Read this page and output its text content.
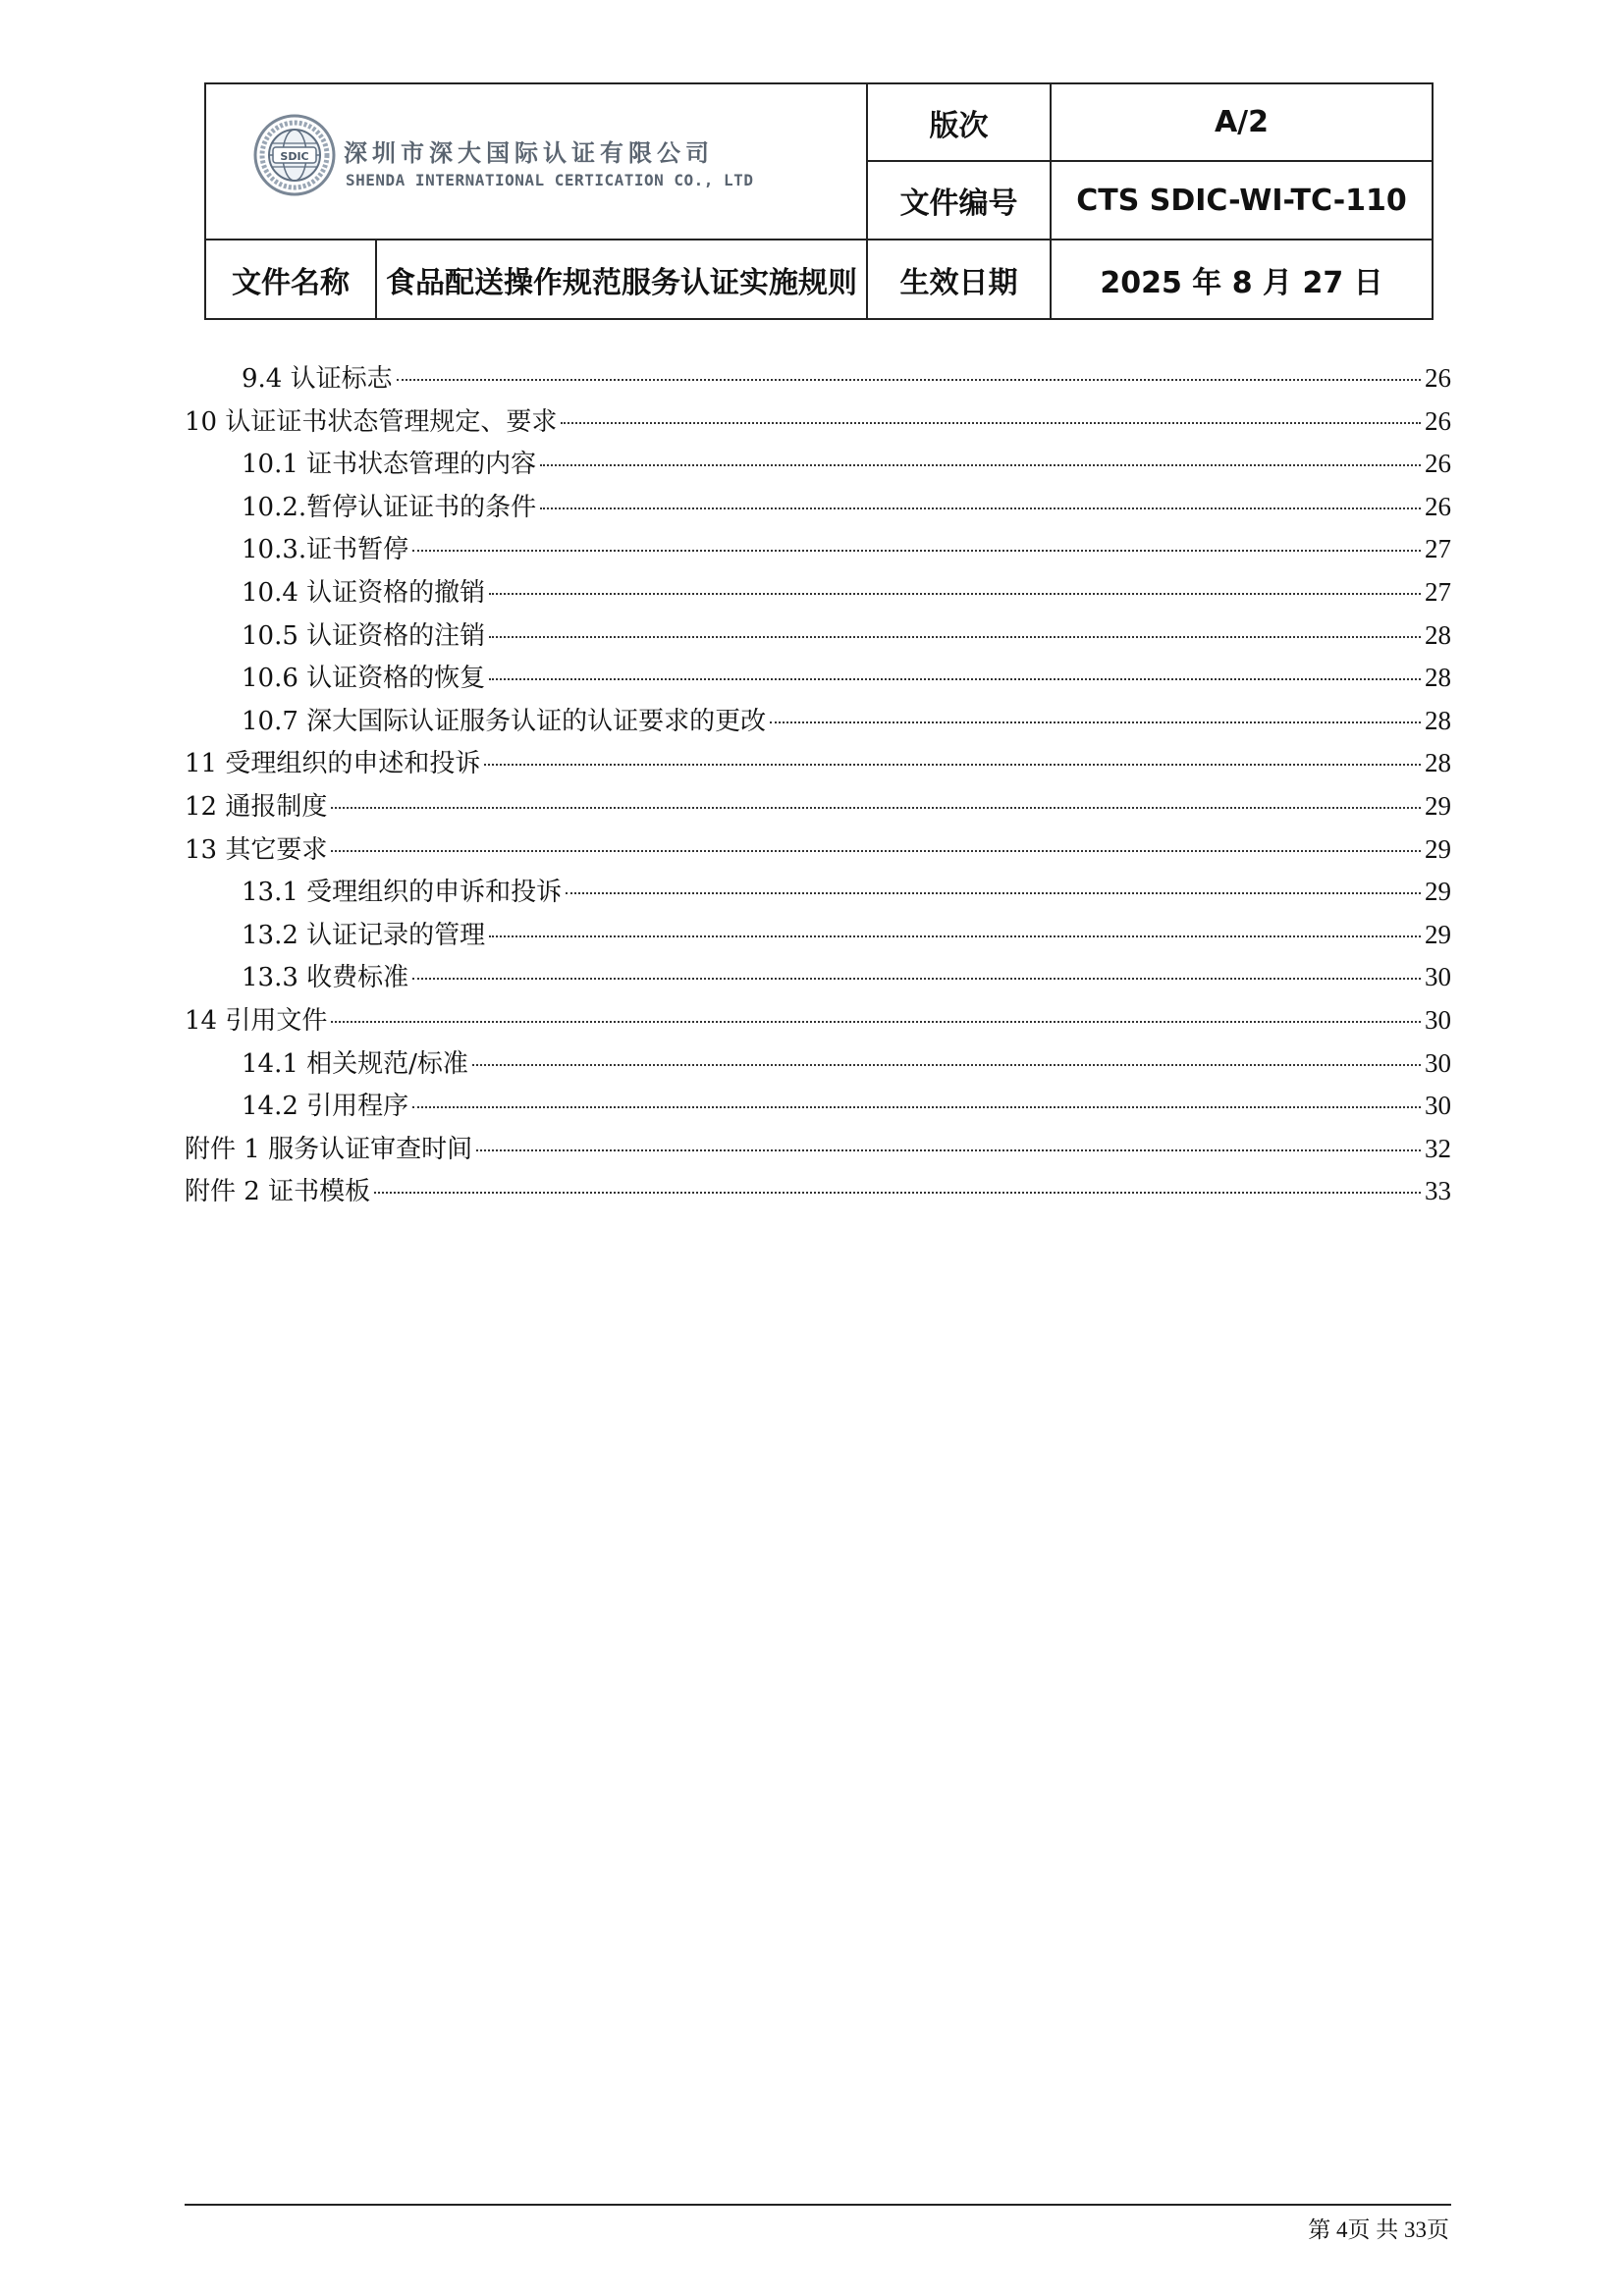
SDIC 深圳市深大国际认证有限公司
SHENDA INTERNATIONAL CERTICATION CO., LTD		版次	A/2
		文件编号	CTS SDIC-WI-TC-110
文件名称	食品配送操作规范服务认证实施规则	生效日期	2025 年 8 月 27 日
9.4 认证标志	26
10 认证证书状态管理规定、要求	26
10.1 证书状态管理的内容	26
10.2.暂停认证证书的条件	26
10.3.证书暂停	27
10.4 认证资格的撤销	27
10.5 认证资格的注销	28
10.6 认证资格的恢复	28
10.7 深大国际认证服务认证的认证要求的更改	28
11 受理组织的申述和投诉	28
12 通报制度	29
13 其它要求	29
13.1 受理组织的申诉和投诉	29
13.2 认证记录的管理	29
13.3 收费标准	30
14 引用文件	30
14.1 相关规范/标准	30
14.2 引用程序	30
附件 1 服务认证审查时间	32
附件 2 证书模板	33
第 4页 共 33页
